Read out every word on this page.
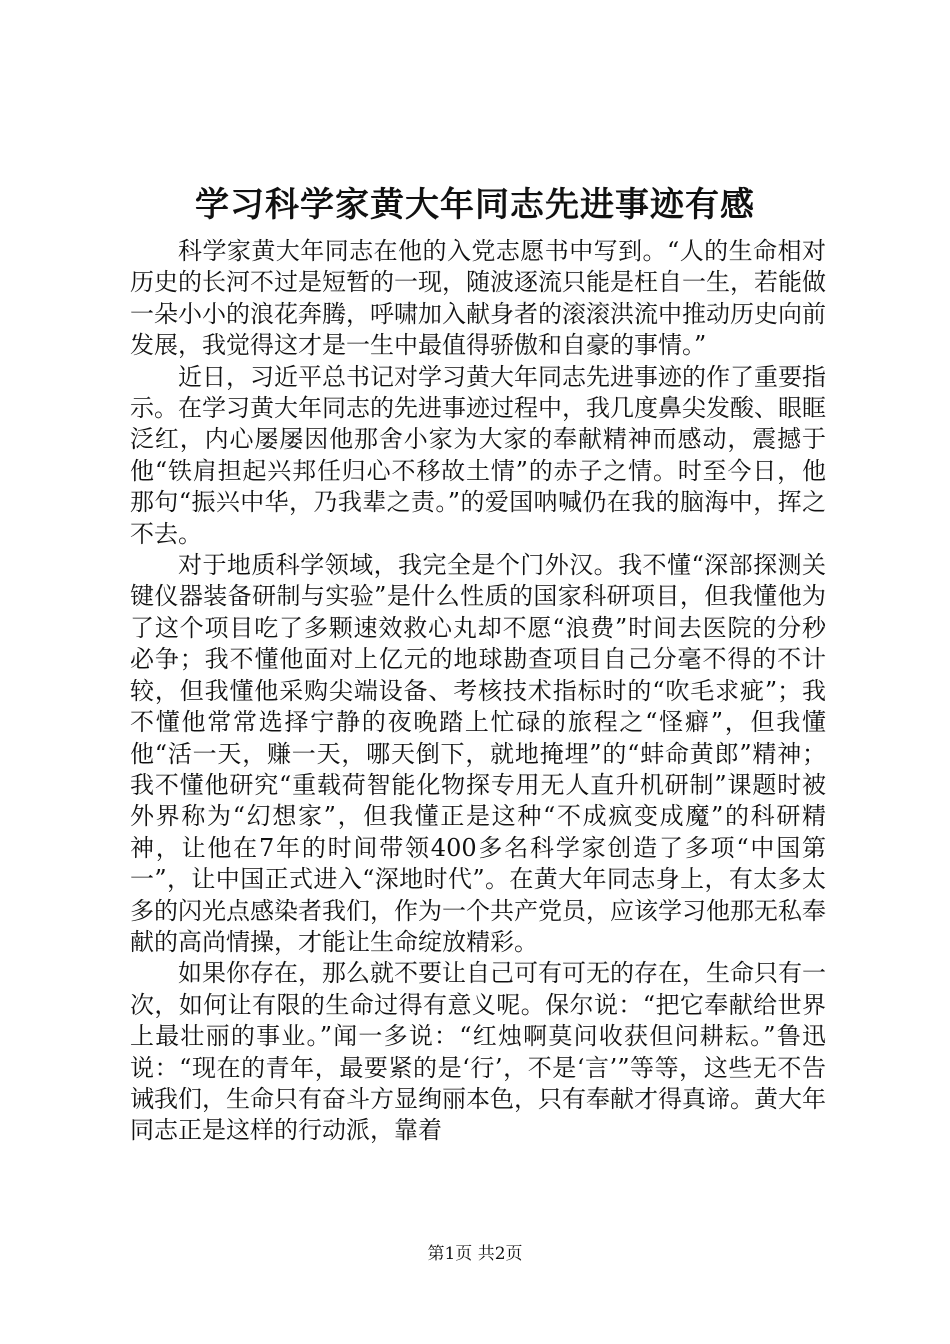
学习科学家黄大年同志先进事迹有感

科学家黄大年同志在他的入党志愿书中写到。“人的生命相对历史的长河不过是短暂的一现，随波逐流只能是枉自一生，若能做一朵小小的浪花奔腾，呼啸加入献身者的滚滚洪流中推动历史向前发展，我觉得这才是一生中最值得骄傲和自豪的事情。”

近日，习近平总书记对学习黄大年同志先进事迹的作了重要指示。在学习黄大年同志的先进事迹过程中，我几度鼻尖发酸、眼眶泛红，内心屡屡因他那舍小家为大家的奉献精神而感动，震撼于他“铁肩担起兴邦任归心不移故土情”的赤子之情。时至今日，他那句“振兴中华，乃我辈之责。”的爱国呐喊仍在我的脑海中，挥之不去。

对于地质科学领域，我完全是个门外汉。我不懂“深部探测关键仪器装备研制与实验”是什么性质的国家科研项目，但我懂他为了这个项目吃了多颗速效救心丸却不愿“浪费”时间去医院的分秒必争；我不懂他面对上亿元的地球勘查项目自己分毫不得的不计较，但我懂他采购尖端设备、考核技术指标时的“吹毛求疵”；我不懂他常常选择宁静的夜晚踏上忙碌的旅程之“怪癖”，但我懂他“活一天，赚一天，哪天倒下，就地掩埋”的“蚌命黄郎”精神；我不懂他研究“重载荷智能化物探专用无人直升机研制”课题时被外界称为“幻想家”，但我懂正是这种“不成疯变成魔”的科研精神，让他在7年的时间带领400多名科学家创造了多项“中国第一”，让中国正式进入“深地时代”。在黄大年同志身上，有太多太多的闪光点感染者我们，作为一个共产党员，应该学习他那无私奉献的高尚情操，才能让生命绽放精彩。

如果你存在，那么就不要让自己可有可无的存在，生命只有一次，如何让有限的生命过得有意义呢。保尔说：“把它奉献给世界上最壮丽的事业。”闻一多说：“红烛啊莫问收获但问耕耘。”鲁迅说：“现在的青年，最要紧的是‘行’，不是‘言’”等等，这些无不告诫我们，生命只有奋斗方显绚丽本色，只有奉献才得真谛。黄大年同志正是这样的行动派，靠着

第1页 共2页
